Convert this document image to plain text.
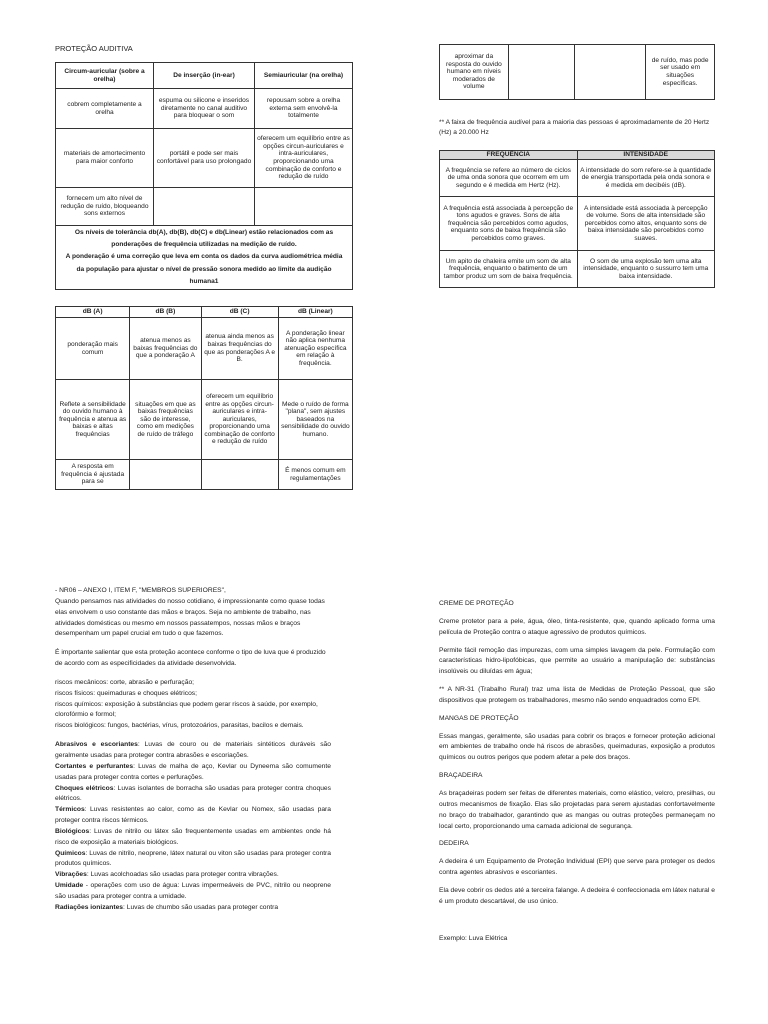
PROTEÇÃO AUDITIVA
Circum-auricular (sobre a orelha)	De inserção (in-ear)	Semiauricular (na orelha)
cobrem completamente a orelha	espuma ou silicone e inseridos diretamente no canal auditivo para bloquear o som	repousam sobre a orelha externa sem envolvê-la totalmente
materiais de amortecimento para maior conforto	portátil e pode ser mais confortável para uso prolongado	oferecem um equilíbrio entre as opções circun-auriculares e intra-auriculares, proporcionando uma combinação de conforto e redução de ruído
fornecem um alto nível de redução de ruído, bloqueando sons externos		

Os níveis de tolerância db(A), db(B), db(C) e db(Linear) estão relacionados com as ponderações de frequência utilizadas na medição de ruído.
A ponderação é uma correção que leva em conta os dados da curva audiométrica média da população para ajustar o nível de pressão sonora medido ao limite da audição humana1		
dB (A)	dB (B)	dB (C)	dB (Linear)
ponderação mais comum	atenua menos as baixas frequências do que a ponderação A	atenua ainda menos as baixas frequências do que as ponderações A e B.	A ponderação linear não aplica nenhuma atenuação específica em relação à frequência.
Reflete a sensibilidade do ouvido humano à frequência e atenua as baixas e altas frequências	situações em que as baixas frequências são de interesse, como em medições de ruído de tráfego	oferecem um equilíbrio entre as opções circun-auriculares e intra-auriculares, proporcionando uma combinação de conforto e redução de ruído	Mede o ruído de forma "plana", sem ajustes baseados na sensibilidade do ouvido humano.
A resposta em frequência é ajustada para se			É menos comum em regulamentações
aproximar da resposta do ouvido humano em níveis moderados de volume			de ruído, mas pode ser usado em situações específicas.
** A faixa de frequência audível para a maioria das pessoas é aproximadamente de 20 Hertz (Hz) a 20.000 Hz
FREQUÊNCIA	INTENSIDADE
A frequência se refere ao número de ciclos de uma onda sonora que ocorrem em um segundo e é medida em Hertz (Hz).	A intensidade do som refere-se à quantidade de energia transportada pela onda sonora e é medida em decibéis (dB).
A frequência está associada à percepção de tons agudos e graves. Sons de alta frequência são percebidos como agudos, enquanto sons de baixa frequência são percebidos como graves.	A intensidade está associada à percepção de volume. Sons de alta intensidade são percebidos como altos, enquanto sons de baixa intensidade são percebidos como suaves.
Um apito de chaleira emite um som de alta frequência, enquanto o batimento de um tambor produz um som de baixa frequência.	O som de uma explosão tem uma alta intensidade, enquanto o sussurro tem uma baixa intensidade.
- NR06 – ANEXO I, ITEM F, "MEMBROS SUPERIORES",
Quando pensamos nas atividades do nosso cotidiano, é impressionante como quase todas elas envolvem o uso constante das mãos e braços. Seja no ambiente de trabalho, nas atividades domésticas ou mesmo em nossos passatempos, nossas mãos e braços desempenham um papel crucial em tudo o que fazemos.
É importante salientar que esta proteção acontece conforme o tipo de luva que é produzido de acordo com as especificidades da atividade desenvolvida.
riscos mecânicos: corte, abrasão e perfuração;
riscos físicos: queimaduras e choques elétricos;
riscos químicos: exposição à substâncias que podem gerar riscos à saúde, por exemplo, clorofórmio e formol;
riscos biológicos: fungos, bactérias, vírus, protozoários, parasitas, bacilos e demais.
Abrasivos e escoriantes: Luvas de couro ou de materiais sintéticos duráveis são geralmente usadas para proteger contra abrasões e escoriações.
Cortantes e perfurantes: Luvas de malha de aço, Kevlar ou Dyneema são comumente usadas para proteger contra cortes e perfurações.
Choques elétricos: Luvas isolantes de borracha são usadas para proteger contra choques elétricos.
Térmicos: Luvas resistentes ao calor, como as de Kevlar ou Nomex, são usadas para proteger contra riscos térmicos.
Biológicos: Luvas de nitrilo ou látex são frequentemente usadas em ambientes onde há risco de exposição a materiais biológicos.
Químicos: Luvas de nitrilo, neoprene, látex natural ou viton são usadas para proteger contra produtos químicos.
Vibrações: Luvas acolchoadas são usadas para proteger contra vibrações.
Umidade - operações com uso de água: Luvas impermeáveis de PVC, nitrilo ou neoprene são usadas para proteger contra a umidade.
Radiações ionizantes: Luvas de chumbo são usadas para proteger contra

CREME DE PROTEÇÃO

Creme protetor para a pele, água, óleo, tinta-resistente, que, quando aplicado forma uma película de Proteção contra o ataque agressivo de produtos químicos.

Permite fácil remoção das impurezas, com uma simples lavagem da pele. Formulação com características hidro-lipofóbicas, que permite ao usuário a manipulação de: substâncias insolúveis ou diluídas em água;

** A NR-31 (Trabalho Rural) traz uma lista de Medidas de Proteção Pessoal, que são dispositivos que protegem os trabalhadores, mesmo não sendo enquadrados como EPI.

MANGAS DE PROTEÇÃO

Essas mangas, geralmente, são usadas para cobrir os braços e fornecer proteção adicional em ambientes de trabalho onde há riscos de abrasões, queimaduras, exposição a produtos químicos ou outros perigos que podem afetar a pele dos braços.

BRAÇADEIRA

As braçadeiras podem ser feitas de diferentes materiais, como elástico, velcro, presilhas, ou outros mecanismos de fixação. Elas são projetadas para serem ajustadas confortavelmente no braço do trabalhador, garantindo que as mangas ou outras proteções permaneçam no local certo, proporcionando uma camada adicional de segurança.

DEDEIRA

A dedeira é um Equipamento de Proteção Individual (EPI) que serve para proteger os dedos contra agentes abrasivos e escoriantes.

Ela deve cobrir os dedos até a terceira falange. A dedeira é confeccionada em látex natural e é um produto descartável, de uso único.

Exemplo: Luva Elétrica
